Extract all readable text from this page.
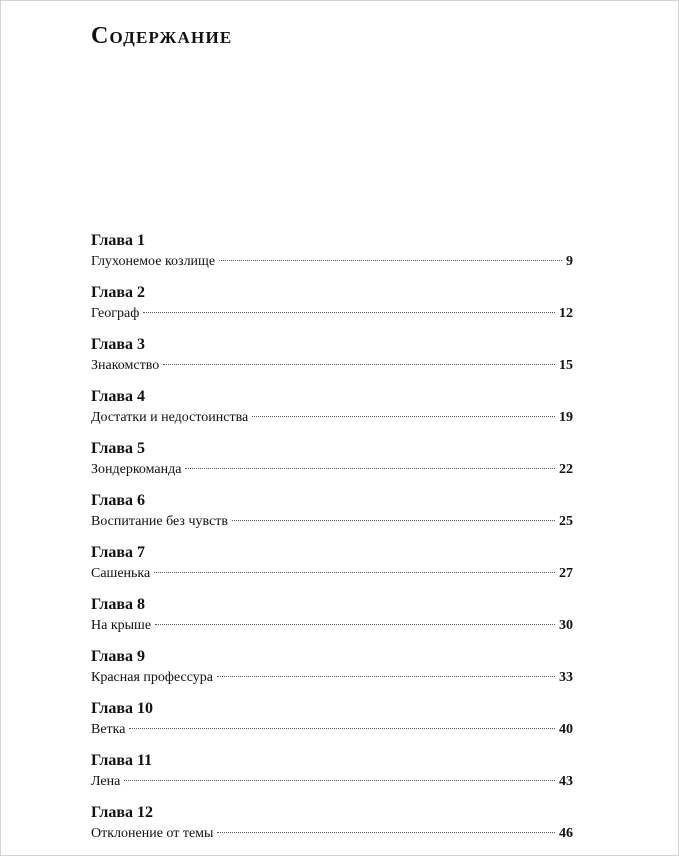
Содержание
Глава 1
Глухонемое козлище	9
Глава 2
Географ	12
Глава 3
Знакомство	15
Глава 4
Достатки и недостоинства	19
Глава 5
Зондеркоманда	22
Глава 6
Воспитание без чувств	25
Глава 7
Сашенька	27
Глава 8
На крыше	30
Глава 9
Красная профессура	33
Глава 10
Ветка	40
Глава 11
Лена	43
Глава 12
Отклонение от темы	46
